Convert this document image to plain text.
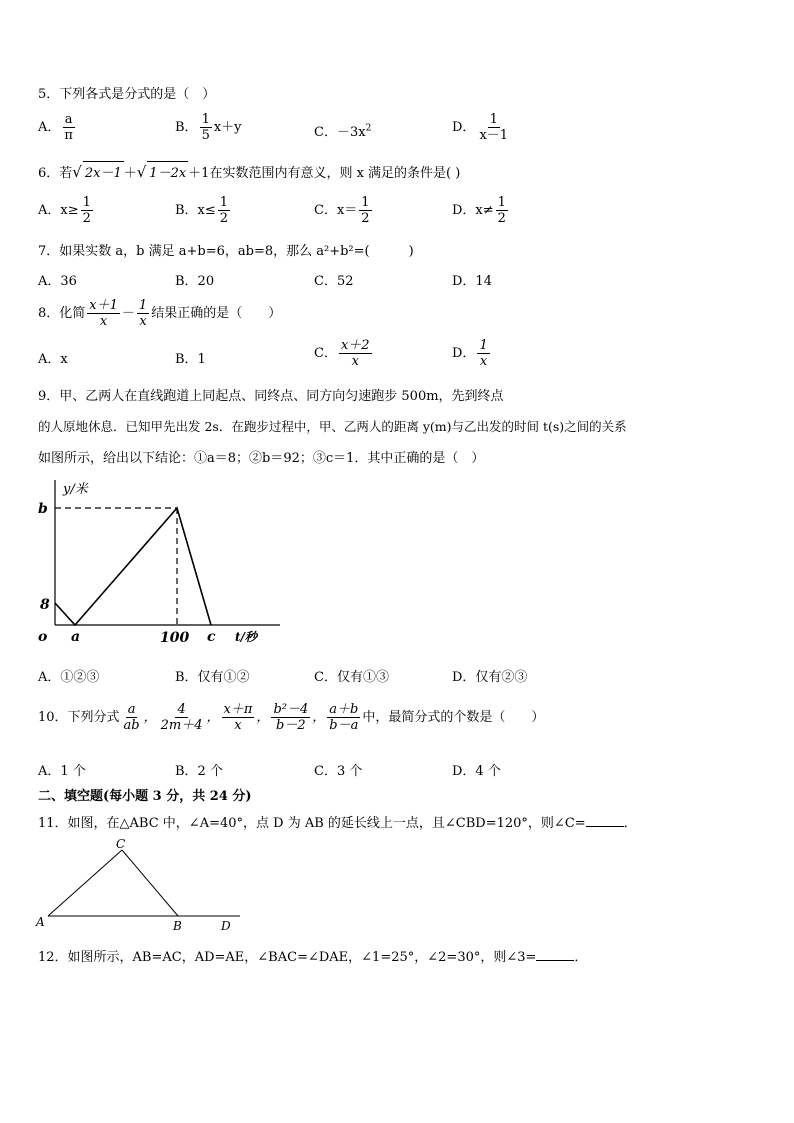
5．下列各式是分式的是（　）
A． $\frac{a}{\pi}$	B． $\frac{1}{5} x+y$	C．$-3x^2$	D． $\frac{1}{x-1}$
6．若√ 2x－1 ＋√ 1－2x ＋1在实数范围内有意义，则 x 满足的条件是( )
A．$x\ge \frac{1}{2}$	B．$x\le \frac{1}{2}$	C．$x= \frac{1}{2}$	D．$x\ne \frac{1}{2}$
7．如果实数 a，b 满足 a+b=6，ab=8，那么 a²+b²=(　　　)
A．36	B．20	C．52	D．14
8．化简 $\frac{x+1}{x} - \frac{1}{x}$ 结果正确的是（　　）
A．x	B．1	C． $\frac{x+2}{x}$	D． $\frac{1}{x}$
9．甲、乙两人在直线跑道上同起点、同终点、同方向匀速跑步 500m，先到终点
的人原地休息．已知甲先出发 2s．在跑步过程中，甲、乙两人的距离 y(m)与乙出发的时间 t(s)之间的关系
如图所示，给出以下结论：①a＝8；②b＝92；③c＝1．其中正确的是（　）
y/米
b
8
o a	100 c t/秒
A．①②③	B．仅有①②	C．仅有①③	D．仅有②③
10．下列分式 $\frac{a}{ab}$ ， $\frac{4}{2m+4}$ ， $\frac{x+\pi}{x}$ ， $\frac{\text{b²－4}}{b-2}$ ， $\frac{a+b}{b-a}$ 中，最简分式的个数是（　　）
A．1 个	B．2 个	C．3 个	D．4 个
二、填空题(每小题 3 分，共 24 分)
11．如图，在△ABC 中，∠A=40°，点 D 为 AB 的延长线上一点，且∠CBD=120°，则∠C=	．
A
C
B	D
12．如图所示，AB=AC，AD=AE，∠BAC=∠DAE，∠1=25°，∠2=30°，则∠3=	．
